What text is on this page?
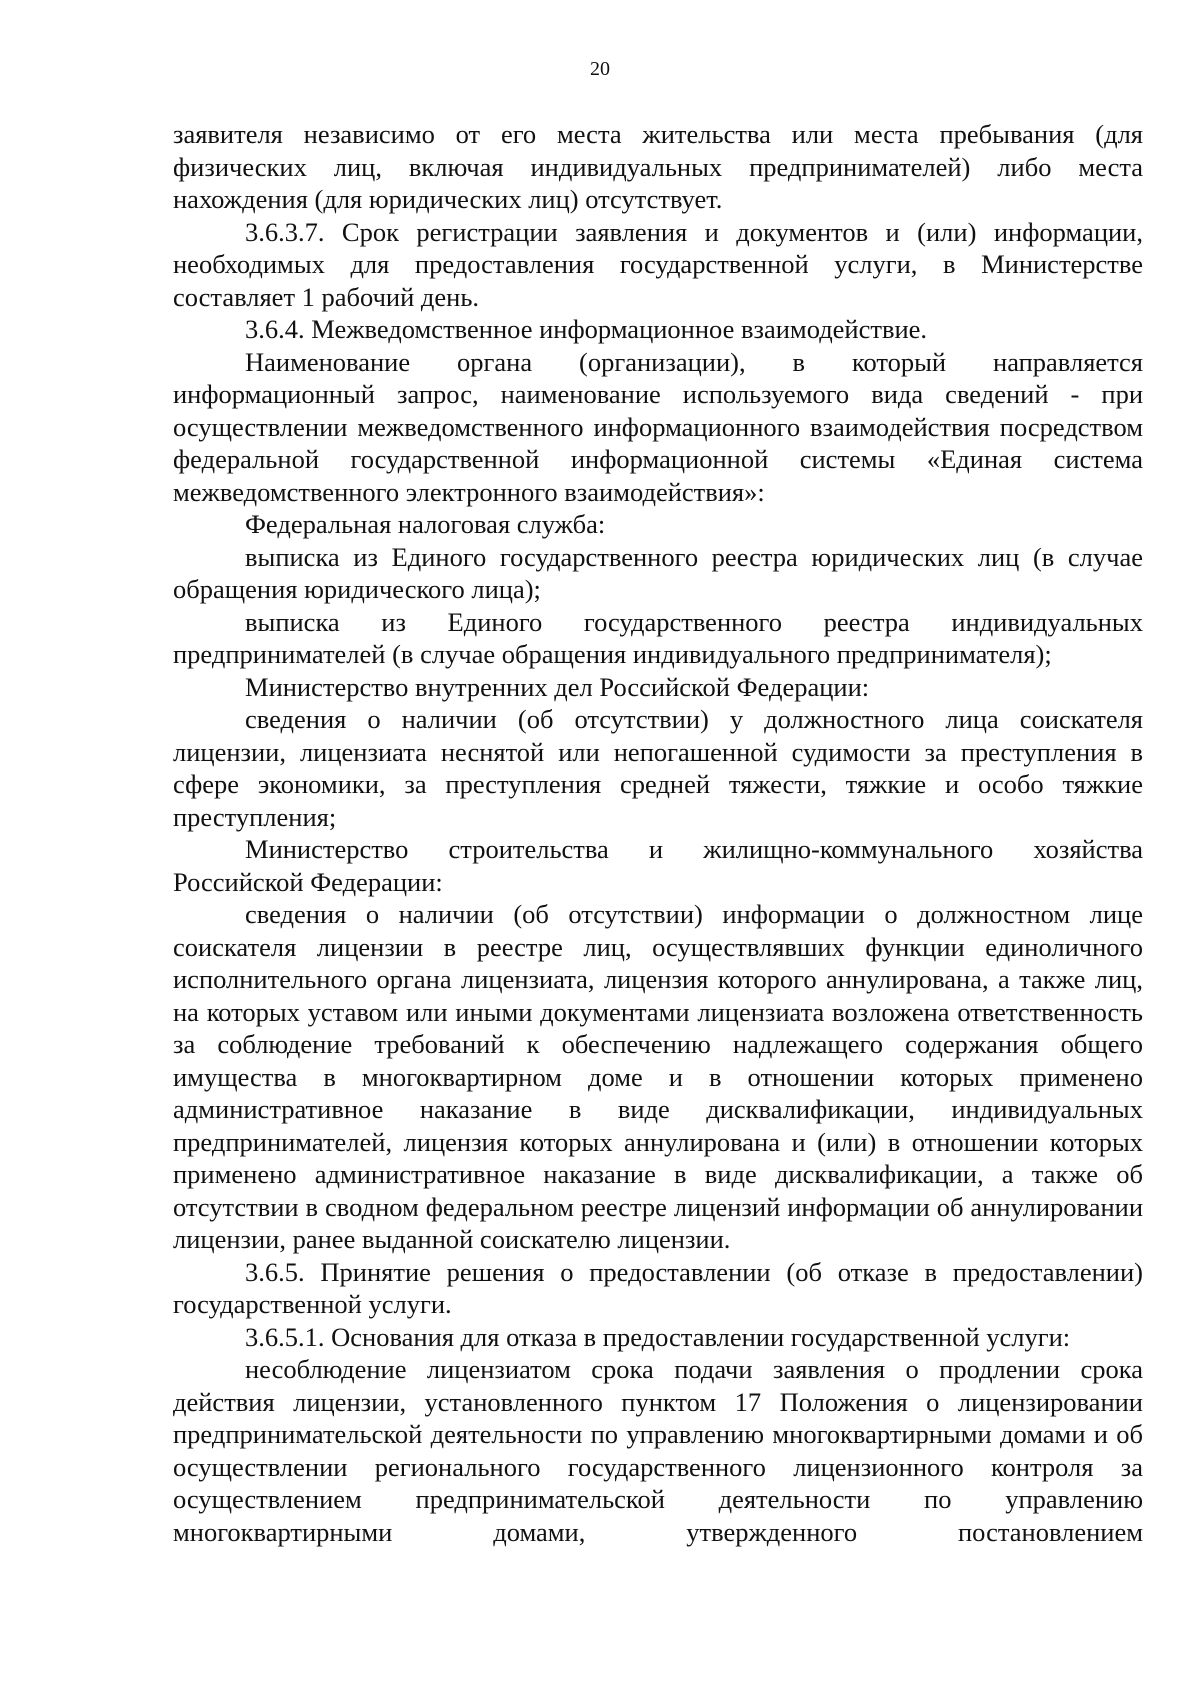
20

заявителя независимо от его места жительства или места пребывания (для физических лиц, включая индивидуальных предпринимателей) либо места нахождения (для юридических лиц) отсутствует.

3.6.3.7. Срок регистрации заявления и документов и (или) информации, необходимых для предоставления государственной услуги, в Министерстве составляет 1 рабочий день.

3.6.4. Межведомственное информационное взаимодействие.

Наименование органа (организации), в который направляется информационный запрос, наименование используемого вида сведений - при осуществлении межведомственного информационного взаимодействия посредством федеральной государственной информационной системы «Единая система межведомственного электронного взаимодействия»:

Федеральная налоговая служба:

выписка из Единого государственного реестра юридических лиц (в случае обращения юридического лица);

выписка из Единого государственного реестра индивидуальных предпринимателей (в случае обращения индивидуального предпринимателя);

Министерство внутренних дел Российской Федерации:

сведения о наличии (об отсутствии) у должностного лица соискателя лицензии, лицензиата неснятой или непогашенной судимости за преступления в сфере экономики, за преступления средней тяжести, тяжкие и особо тяжкие преступления;

Министерство строительства и жилищно-коммунального хозяйства Российской Федерации:

сведения о наличии (об отсутствии) информации о должностном лице соискателя лицензии в реестре лиц, осуществлявших функции единоличного исполнительного органа лицензиата, лицензия которого аннулирована, а также лиц, на которых уставом или иными документами лицензиата возложена ответственность за соблюдение требований к обеспечению надлежащего содержания общего имущества в многоквартирном доме и в отношении которых применено административное наказание в виде дисквалификации, индивидуальных предпринимателей, лицензия которых аннулирована и (или) в отношении которых применено административное наказание в виде дисквалификации, а также об отсутствии в сводном федеральном реестре лицензий информации об аннулировании лицензии, ранее выданной соискателю лицензии.

3.6.5. Принятие решения о предоставлении (об отказе в предоставлении) государственной услуги.

3.6.5.1. Основания для отказа в предоставлении государственной услуги:

несоблюдение лицензиатом срока подачи заявления о продлении срока действия лицензии, установленного пунктом 17 Положения о лицензировании предпринимательской деятельности по управлению многоквартирными домами и об осуществлении регионального государственного лицензионного контроля за осуществлением предпринимательской деятельности по управлению многоквартирными домами, утвержденного постановлением
